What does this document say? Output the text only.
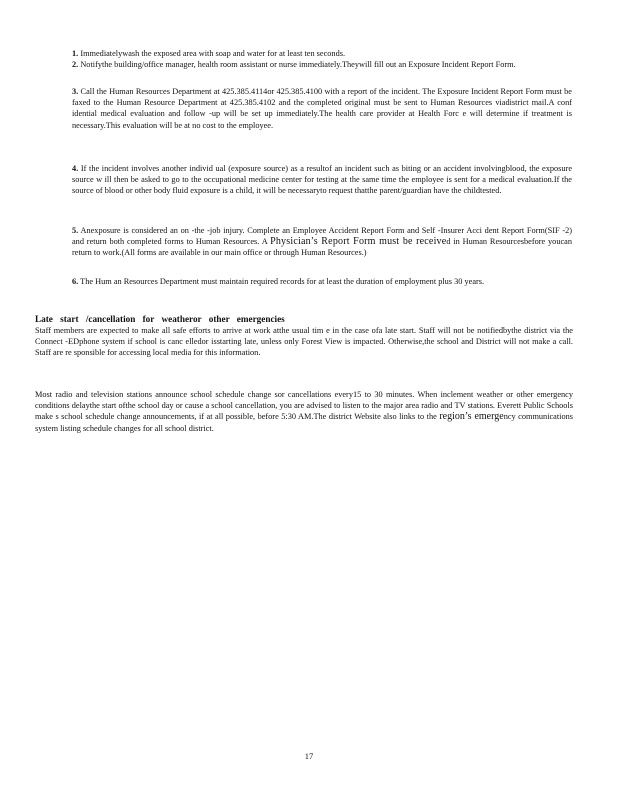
1. Immediatelywash the exposed area with soap and water for at least ten seconds.
2. Notifythe building/office manager, health room assistant or nurse immediately.Theywill fill out an Exposure Incident Report Form.
3. Call the Human Resources Department at 425.385.4114or 425.385.4100 with a report of the incident. The Exposure Incident Report Form must be faxed to the Human Resource Department at 425.385.4102 and the completed original must be sent to Human Resources viadistrict mail.A conf idential medical evaluation and follow -up will be set up immediately.The health care provider at Health Forc e will determine if treatment is necessary.This evaluation will be at no cost to the employee.
4. If the incident involves another individ ual (exposure source) as a resultof an incident such as biting or an accident involvingblood, the exposure source w ill then be asked to go to the occupational medicine center for testing at the same time the employee is sent for a medical evaluation.If the source of blood or other body fluid exposure is a child, it will be necessaryto request thatthe parent/guardian have the childtested.
5. Anexposure is considered an on -the -job injury. Complete an Employee Accident Report Form and Self -Insurer Acci dent Report Form(SIF -2) and return both completed forms to Human Resources. A Physician’s Report Form must be received in Human Resourcesbefore youcan return to work.(All forms are available in our main office or through Human Resources.)
6. The Hum an Resources Department must maintain required records for at least the duration of employment plus 30 years.
Late start /cancellation for weatheror other emergencies
Staff members are expected to make all safe efforts to arrive at work atthe usual tim e in the case ofa late start. Staff will not be notifiedbythe district via the Connect -EDphone system if school is canc elledor isstarting late, unless only Forest View is impacted. Otherwise,the school and District will not make a call. Staff are re sponsible for accessing local media for this information.
Most radio and television stations announce school schedule change sor cancellations every15 to 30 minutes. When inclement weather or other emergency conditions delaythe start ofthe school day or cause a school cancellation, you are advised to listen to the major area radio and TV stations. Everett Public Schools make s school schedule change announcements, if at all possible, before 5:30 AM.The district Website also links to the region’s emergency communications system listing schedule changes for all school district.
17
